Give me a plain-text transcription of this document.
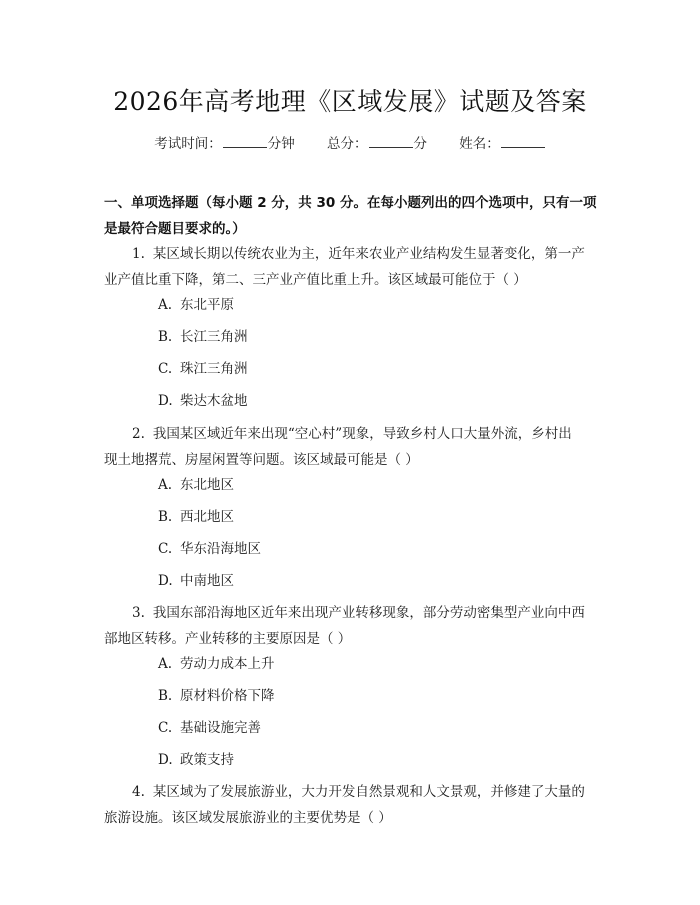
2026年高考地理《区域发展》试题及答案
考试时间：	分钟 总分：	分 姓名：
一、单项选择题（每小题 2 分，共 30 分。在每小题列出的四个选项中，只有一项
是最符合题目要求的。）
1. 某区域长期以传统农业为主，近年来农业产业结构发生显著变化，第一产
业产值比重下降，第二、三产业产值比重上升。该区域最可能位于（ ）
A. 东北平原
B. 长江三角洲
C. 珠江三角洲
D. 柴达木盆地
2. 我国某区域近年来出现“空心村”现象，导致乡村人口大量外流，乡村出
现土地撂荒、房屋闲置等问题。该区域最可能是（ ）
A. 东北地区
B. 西北地区
C. 华东沿海地区
D. 中南地区
3. 我国东部沿海地区近年来出现产业转移现象，部分劳动密集型产业向中西
部地区转移。产业转移的主要原因是（ ）
A. 劳动力成本上升
B. 原材料价格下降
C. 基础设施完善
D. 政策支持
4. 某区域为了发展旅游业，大力开发自然景观和人文景观，并修建了大量的
旅游设施。该区域发展旅游业的主要优势是（ ）
